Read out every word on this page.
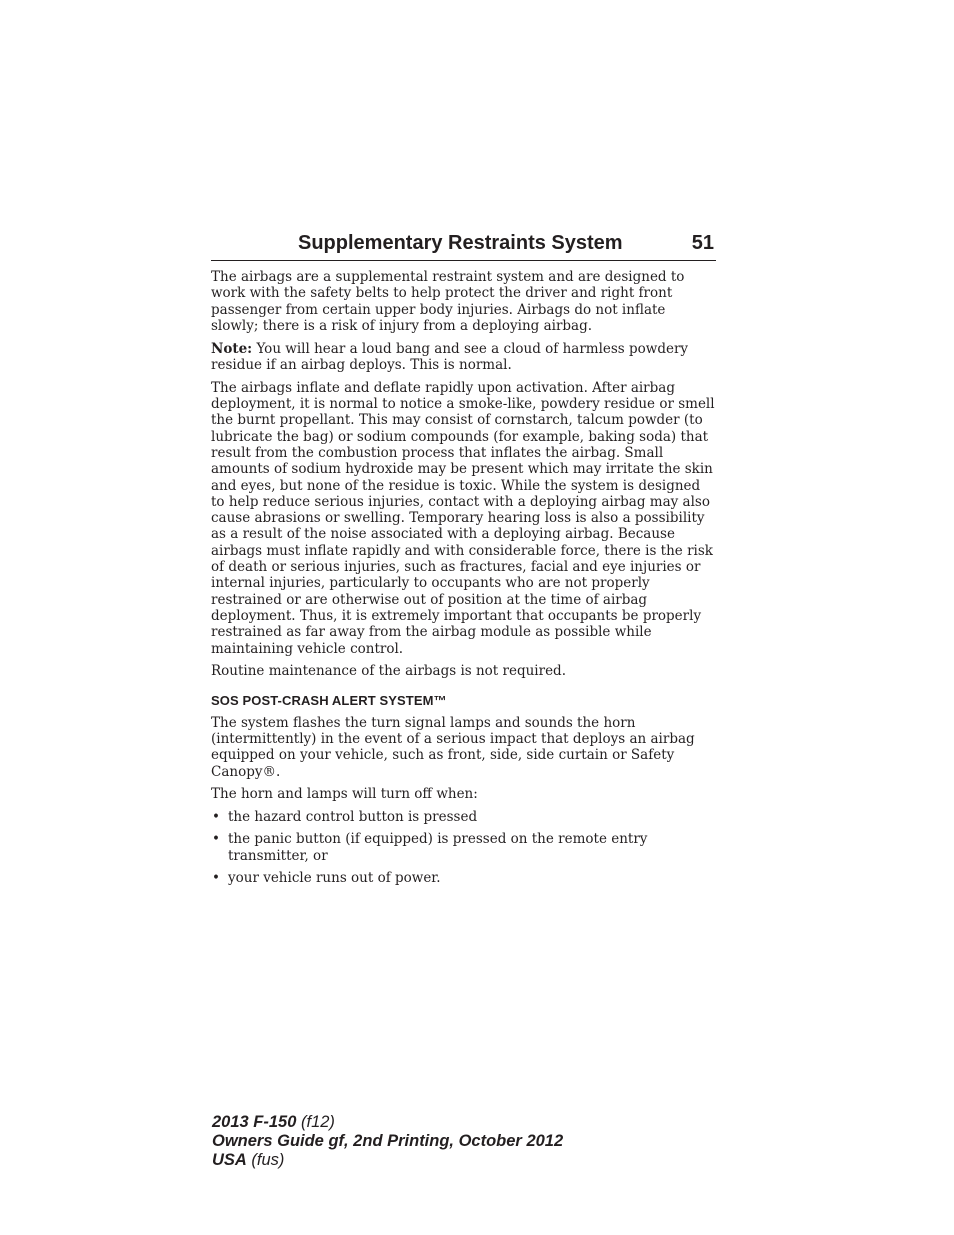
Supplementary Restraints System	51

The airbags are a supplemental restraint system and are designed to work with the safety belts to help protect the driver and right front passenger from certain upper body injuries. Airbags do not inflate slowly; there is a risk of injury from a deploying airbag.

Note: You will hear a loud bang and see a cloud of harmless powdery residue if an airbag deploys. This is normal.

The airbags inflate and deflate rapidly upon activation. After airbag deployment, it is normal to notice a smoke-like, powdery residue or smell the burnt propellant. This may consist of cornstarch, talcum powder (to lubricate the bag) or sodium compounds (for example, baking soda) that result from the combustion process that inflates the airbag. Small amounts of sodium hydroxide may be present which may irritate the skin and eyes, but none of the residue is toxic. While the system is designed to help reduce serious injuries, contact with a deploying airbag may also cause abrasions or swelling. Temporary hearing loss is also a possibility as a result of the noise associated with a deploying airbag. Because airbags must inflate rapidly and with considerable force, there is the risk of death or serious injuries, such as fractures, facial and eye injuries or internal injuries, particularly to occupants who are not properly restrained or are otherwise out of position at the time of airbag deployment. Thus, it is extremely important that occupants be properly restrained as far away from the airbag module as possible while maintaining vehicle control.

Routine maintenance of the airbags is not required.

SOS POST-CRASH ALERT SYSTEM™

The system flashes the turn signal lamps and sounds the horn (intermittently) in the event of a serious impact that deploys an airbag equipped on your vehicle, such as front, side, side curtain or Safety Canopy®.

The horn and lamps will turn off when:

• the hazard control button is pressed
• the panic button (if equipped) is pressed on the remote entry transmitter, or
• your vehicle runs out of power.
2013 F-150 (f12)
Owners Guide gf, 2nd Printing, October 2012
USA (fus)
